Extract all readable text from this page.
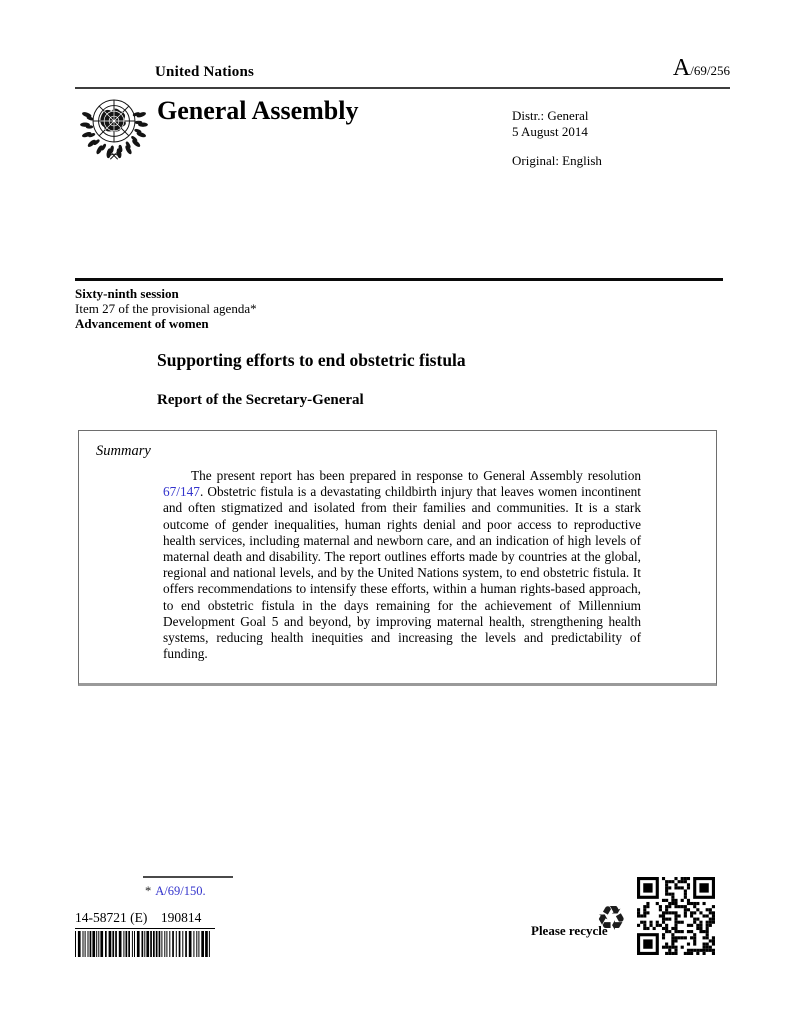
United Nations	A/69/256
General Assembly	Distr.: General
5 August 2014
Original: English
Sixty-ninth session
Item 27 of the provisional agenda*
Advancement of women
Supporting efforts to end obstetric fistula
Report of the Secretary-General
Summary

The present report has been prepared in response to General Assembly resolution 67/147. Obstetric fistula is a devastating childbirth injury that leaves women incontinent and often stigmatized and isolated from their families and communities. It is a stark outcome of gender inequalities, human rights denial and poor access to reproductive health services, including maternal and newborn care, and an indication of high levels of maternal death and disability. The report outlines efforts made by countries at the global, regional and national levels, and by the United Nations system, to end obstetric fistula. It offers recommendations to intensify these efforts, within a human rights-based approach, to end obstetric fistula in the days remaining for the achievement of Millennium Development Goal 5 and beyond, by improving maternal health, strengthening health systems, reducing health inequities and increasing the levels and predictability of funding.

* A/69/150.
14-58721 (E)    190814
Please recycle
♻
